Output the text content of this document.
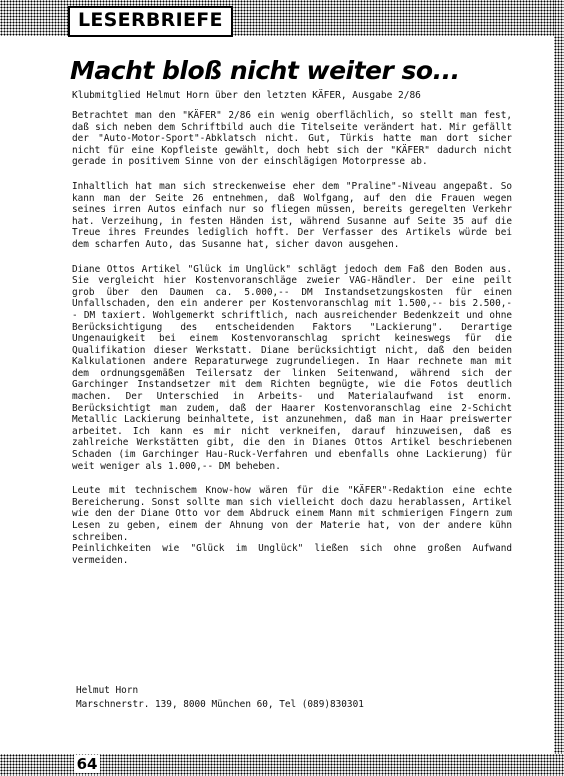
LESERBRIEFE
Macht bloß nicht weiter so...
Klubmitglied Helmut Horn über den letzten KÄFER, Ausgabe 2/86

Betrachtet man den "KÄFER" 2/86 ein wenig oberflächlich, so stellt man fest, daß sich neben dem Schriftbild auch die Titelseite verändert hat. Mir gefällt der "Auto-Motor-Sport"-Abklatsch nicht. Gut, Türkis hatte man dort sicher nicht für eine Kopfleiste gewählt, doch hebt sich der "KÄFER" dadurch nicht gerade in positivem Sinne von der einschlägigen Motorpresse ab.

Inhaltlich hat man sich streckenweise eher dem "Praline"-Niveau angepaßt. So kann man der Seite 26 entnehmen, daß Wolfgang, auf den die Frauen wegen seines irren Autos einfach nur so fliegen müssen, bereits geregelten Verkehr hat. Verzeihung, in festen Händen ist, während Susanne auf Seite 35 auf die Treue ihres Freundes lediglich hofft. Der Verfasser des Artikels würde bei dem scharfen Auto, das Susanne hat, sicher davon ausgehen.

Diane Ottos Artikel "Glück im Unglück" schlägt jedoch dem Faß den Boden aus. Sie vergleicht hier Kostenvoranschläge zweier VAG-Händler. Der eine peilt grob über den Daumen ca. 5.000,-- DM Instandsetzungskosten für einen Unfallschaden, den ein anderer per Kostenvoranschlag mit 1.500,-- bis 2.500,-- DM taxiert. Wohlgemerkt schriftlich, nach ausreichender Bedenkzeit und ohne Berücksichtigung des entscheidenden Faktors "Lackierung". Derartige Ungenauigkeit bei einem Kostenvoranschlag spricht keineswegs für die Qualifikation dieser Werkstatt. Diane berücksichtigt nicht, daß den beiden Kalkulationen andere Reparaturwege zugrundeliegen. In Haar rechnete man mit dem ordnungsgemäßen Teilersatz der linken Seitenwand, während sich der Garchinger Instandsetzer mit dem Richten begnügte, wie die Fotos deutlich machen. Der Unterschied in Arbeits- und Materialaufwand ist enorm. Berücksichtigt man zudem, daß der Haarer Kostenvoranschlag eine 2-Schicht Metallic Lackierung beinhaltete, ist anzunehmen, daß man in Haar preiswerter arbeitet. Ich kann es mir nicht verkneifen, darauf hinzuweisen, daß es zahlreiche Werkstätten gibt, die den in Dianes Ottos Artikel beschriebenen Schaden (im Garchinger Hau-Ruck-Verfahren und ebenfalls ohne Lackierung) für weit weniger als 1.000,-- DM beheben.

Leute mit technischem Know-how wären für die "KÄFER"-Redaktion eine echte Bereicherung. Sonst sollte man sich vielleicht doch dazu herablassen, Artikel wie den der Diane Otto vor dem Abdruck einem Mann mit schmierigen Fingern zum Lesen zu geben, einem der Ahnung von der Materie hat, von der andere kühn schreiben.

Peinlichkeiten wie "Glück im Unglück" ließen sich ohne großen Aufwand vermeiden.

Helmut Horn
Marschnerstr. 139, 8000 München 60, Tel (089)830301
64
